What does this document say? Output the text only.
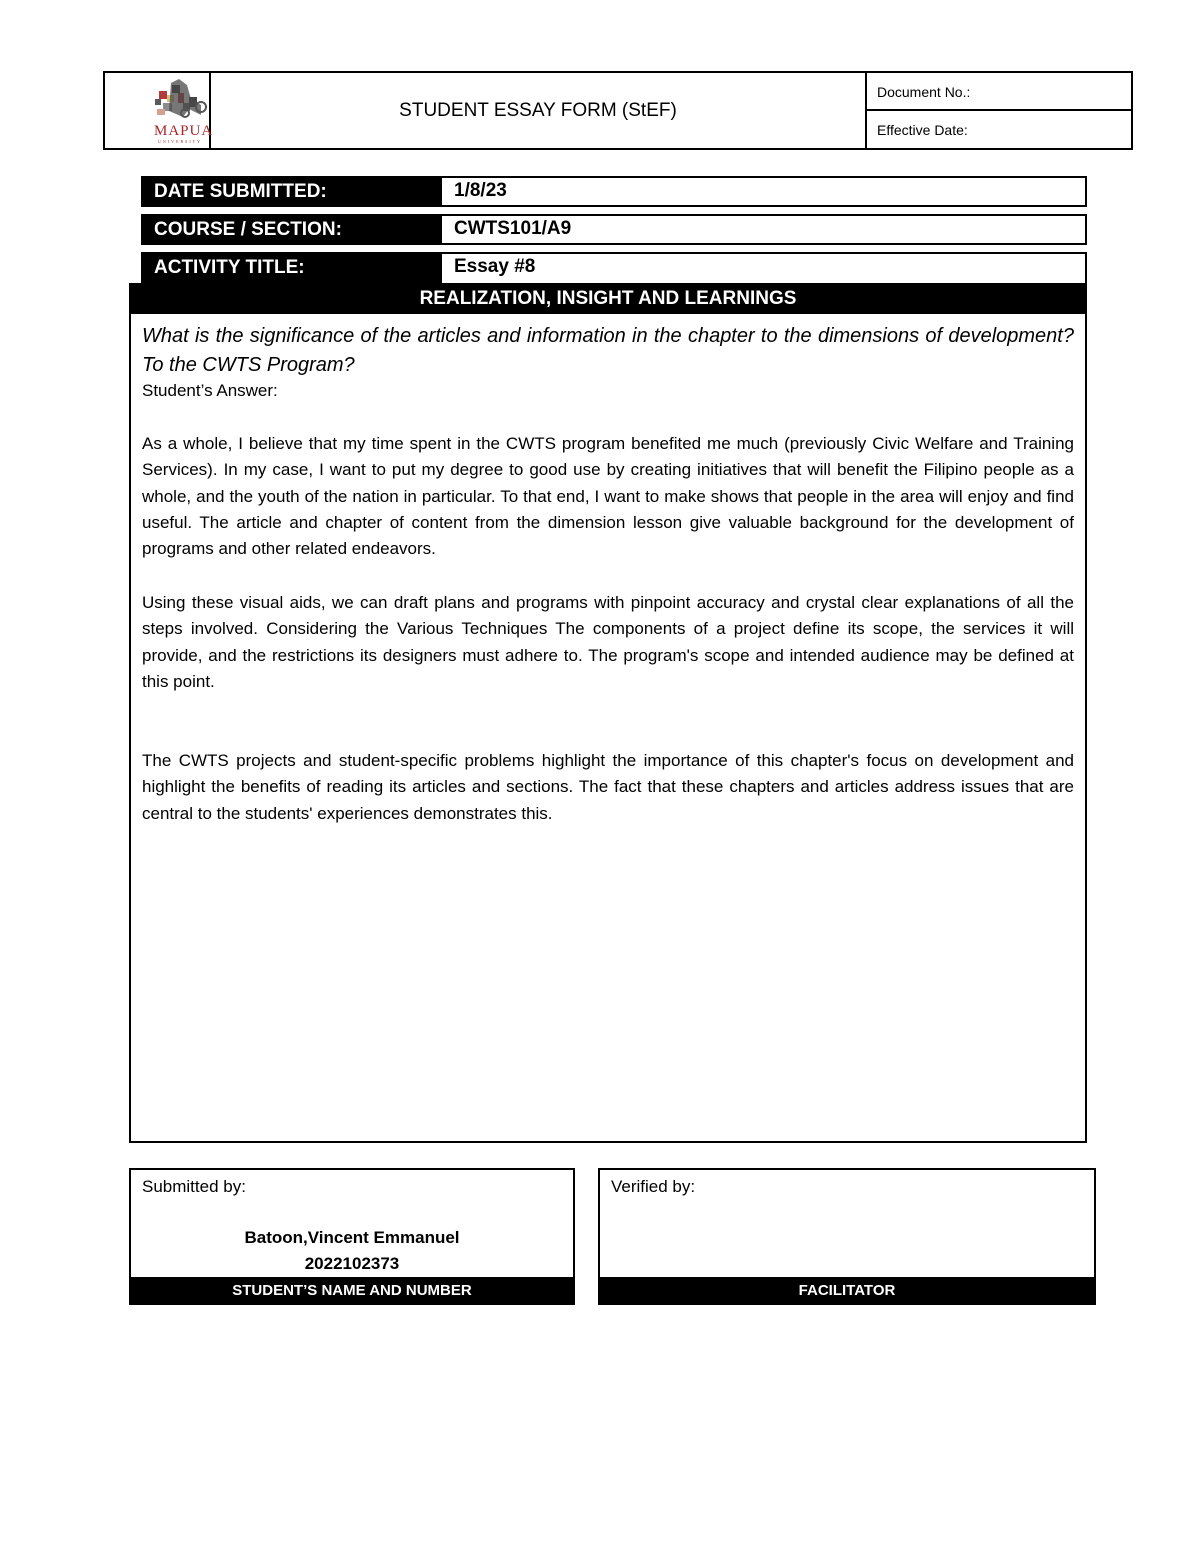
MAPUA
UNIVERSITY
STUDENT ESSAY FORM (StEF)
Document No.:
Effective Date:
DATE SUBMITTED:	1/8/23
COURSE / SECTION:	CWTS101/A9
ACTIVITY TITLE:	Essay #8
REALIZATION, INSIGHT AND LEARNINGS
What is the significance of the articles and information in the chapter to the dimensions of development? To the CWTS Program?
Student’s Answer:
As a whole, I believe that my time spent in the CWTS program benefited me much (previously Civic Welfare and Training Services). In my case, I want to put my degree to good use by creating initiatives that will benefit the Filipino people as a whole, and the youth of the nation in particular. To that end, I want to make shows that people in the area will enjoy and find useful. The article and chapter of content from the dimension lesson give valuable background for the development of programs and other related endeavors.
Using these visual aids, we can draft plans and programs with pinpoint accuracy and crystal clear explanations of all the steps involved. Considering the Various Techniques The components of a project define its scope, the services it will provide, and the restrictions its designers must adhere to. The program's scope and intended audience may be defined at this point.
The CWTS projects and student-specific problems highlight the importance of this chapter's focus on development and highlight the benefits of reading its articles and sections. The fact that these chapters and articles address issues that are central to the students' experiences demonstrates this.
Submitted by:
Batoon,Vincent Emmanuel
2022102373
STUDENT’S NAME AND NUMBER
Verified by:
FACILITATOR
